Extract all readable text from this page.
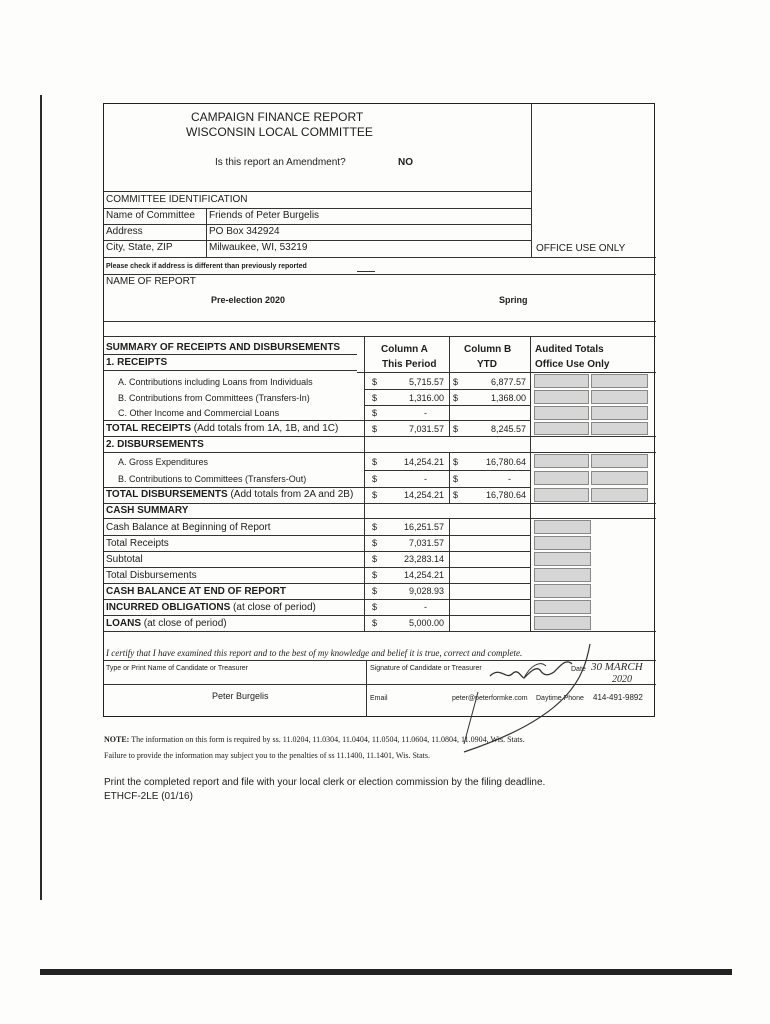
CAMPAIGN FINANCE REPORT
WISCONSIN LOCAL COMMITTEE
Is this report an Amendment?	NO
OFFICE USE ONLY
COMMITTEE IDENTIFICATION
Name of Committee Friends of Peter Burgelis
Address	PO Box 342924
City, State, ZIP	Milwaukee, WI, 53219
Please check if address is different than previously reported
NAME OF REPORT
Pre-election 2020	Spring
SUMMARY OF RECEIPTS AND DISBURSEMENTS
1. RECEIPTS
Column A
This Period
Column B
YTD
Audited Totals
Office Use Only
A. Contributions including Loans from Individuals	$	5,715.57 $	6,877.57
B. Contributions from Committees (Transfers-In)	$	1,316.00 $	1,368.00
C. Other Income and Commercial Loans	$	-
TOTAL RECEIPTS (Add totals from 1A, 1B, and 1C)	$	7,031.57 $	8,245.57
2. DISBURSEMENTS
A. Gross Expenditures	$	14,254.21 $	16,780.64
B. Contributions to Committees (Transfers-Out)	$	-	$	-
TOTAL DISBURSEMENTS (Add totals from 2A and 2B) $	14,254.21 $	16,780.64
CASH SUMMARY
Cash Balance at Beginning of Report	$	16,251.57
Total Receipts	$	7,031.57
Subtotal	$	23,283.14
Total Disbursements	$	14,254.21
CASH BALANCE AT END OF REPORT	$	9,028.93
INCURRED OBLIGATIONS (at close of period)	$	-
LOANS (at close of period)	$	5,000.00
I certify that I have examined this report and to the best of my knowledge and belief it is true, correct and complete.
Type or Print Name of Candidate or Treasurer	Signature of Candidate or Treasurer	Date 30 MARCH
2020
Peter Burgelis	Email	peter@peterformke.com Daytime Phone 414-491-9892
NOTE: The information on this form is required by ss. 11.0204, 11.0304, 11.0404, 11.0504, 11.0604, 11.0804, 11.0904, Wis. Stats.
Failure to provide the information may subject you to the penalties of ss 11.1400, 11.1401, Wis. Stats.
Print the completed report and file with your local clerk or election commission by the filing deadline.
ETHCF-2LE (01/16)
